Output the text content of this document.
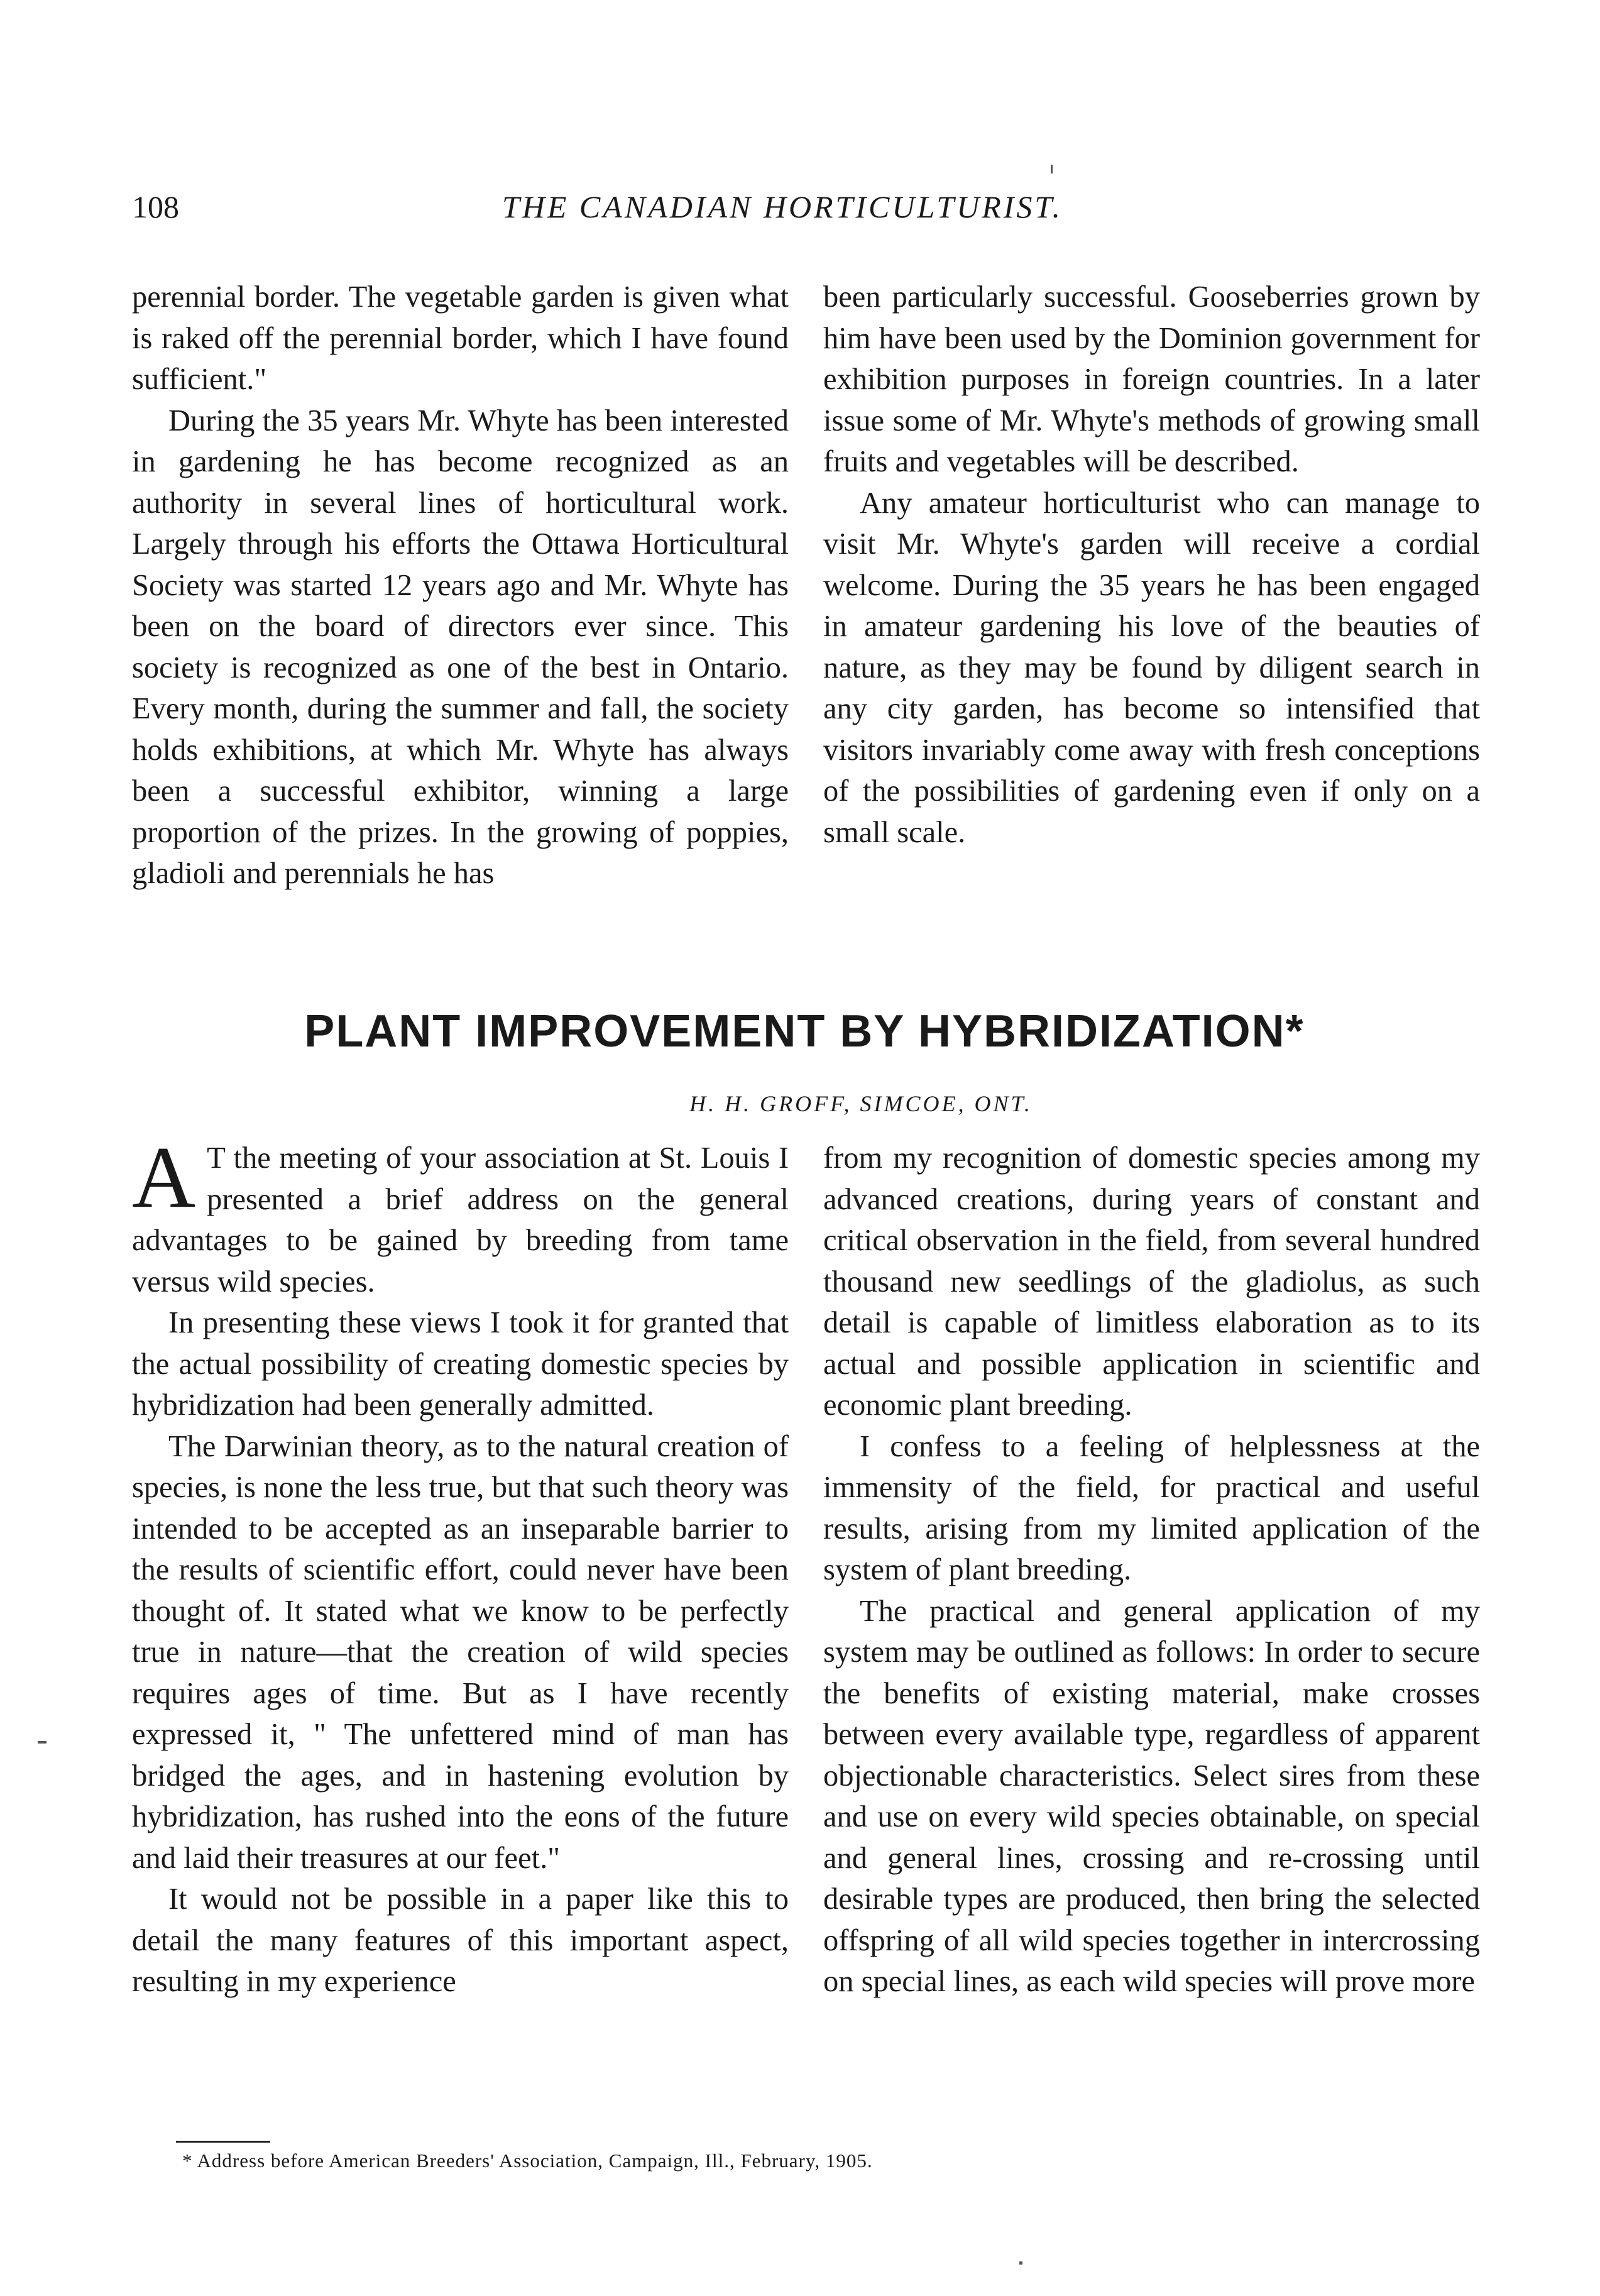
108	THE CANADIAN HORTICULTURIST.

perennial border. The vegetable garden is given what is raked off the perennial border, which I have found sufficient."

During the 35 years Mr. Whyte has been interested in gardening he has become recognized as an authority in several lines of horticultural work. Largely through his efforts the Ottawa Horticultural Society was started 12 years ago and Mr. Whyte has been on the board of directors ever since. This society is recognized as one of the best in Ontario. Every month, during the summer and fall, the society holds exhibitions, at which Mr. Whyte has always been a successful exhibitor, winning a large proportion of the prizes. In the growing of poppies, gladioli and perennials he has

been particularly successful. Gooseberries grown by him have been used by the Dominion government for exhibition purposes in foreign countries. In a later issue some of Mr. Whyte's methods of growing small fruits and vegetables will be described.

Any amateur horticulturist who can manage to visit Mr. Whyte's garden will receive a cordial welcome. During the 35 years he has been engaged in amateur gardening his love of the beauties of nature, as they may be found by diligent search in any city garden, has become so intensified that visitors invariably come away with fresh conceptions of the possibilities of gardening even if only on a small scale.

PLANT IMPROVEMENT BY HYBRIDIZATION*
H. H. GROFF, SIMCOE, ONT.

A T the meeting of your association at St. Louis I presented a brief address on the general advantages to be gained by breeding from tame versus wild species.

In presenting these views I took it for granted that the actual possibility of creating domestic species by hybridization had been generally admitted.

The Darwinian theory, as to the natural creation of species, is none the less true, but that such theory was intended to be accepted as an inseparable barrier to the results of scientific effort, could never have been thought of. It stated what we know to be perfectly true in nature—that the creation of wild species requires ages of time. But as I have recently expressed it, " The unfettered mind of man has bridged the ages, and in hastening evolution by hybridization, has rushed into the eons of the future and laid their treasures at our feet."

It would not be possible in a paper like this to detail the many features of this important aspect, resulting in my experience

from my recognition of domestic species among my advanced creations, during years of constant and critical observation in the field, from several hundred thousand new seedlings of the gladiolus, as such detail is capable of limitless elaboration as to its actual and possible application in scientific and economic plant breeding.

I confess to a feeling of helplessness at the immensity of the field, for practical and useful results, arising from my limited application of the system of plant breeding.

The practical and general application of my system may be outlined as follows: In order to secure the benefits of existing material, make crosses between every available type, regardless of apparent objectionable characteristics. Select sires from these and use on every wild species obtainable, on special and general lines, crossing and re-crossing until desirable types are produced, then bring the selected offspring of all wild species together in intercrossing on special lines, as each wild species will prove more

* Address before American Breeders' Association, Campaign, Ill., February, 1905.
